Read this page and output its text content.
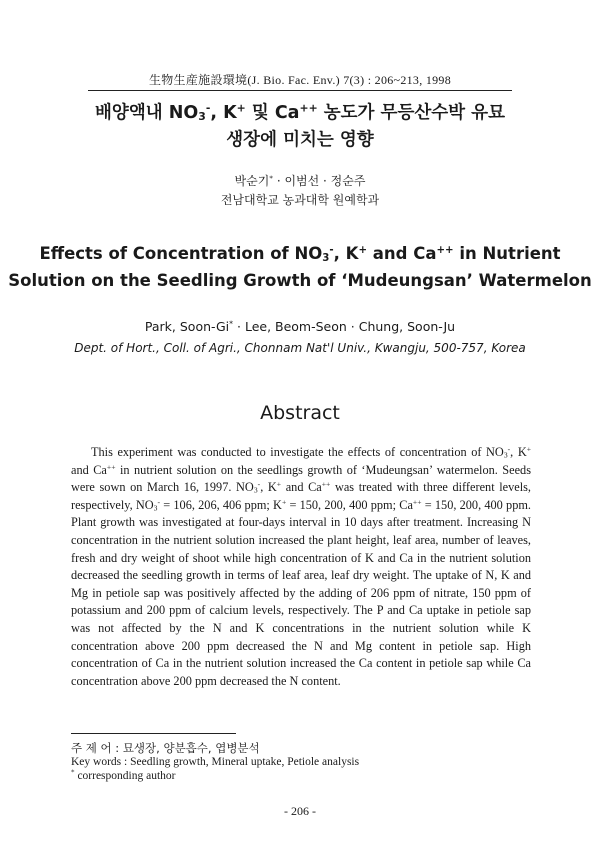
生物生産施設環境(J. Bio. Fac. Env.) 7(3) : 206~213, 1998
배양액내 $NO_3^-$, K+ 및 Ca++ 농도가 무등산수박 유묘
생장에 미치는 영향
박순기* · 이범선 · 정순주
전남대학교 농과대학 원예학과
Effects of Concentration of $NO_3^-$, K+ and Ca++ in Nutrient
Solution on the Seedling Growth of ‘Mudeungsan’ Watermelon
Park, Soon-Gi* · Lee, Beom-Seon · Chung, Soon-Ju
Dept. of Hort., Coll. of Agri., Chonnam Nat'l Univ., Kwangju, 500-757, Korea
Abstract

This experiment was conducted to investigate the effects of concentration of $NO_3^-$, K+ and Ca++ in nutrient solution on the seedlings growth of ‘Mudeungsan’ watermelon. Seeds were sown on March 16, 1997. $NO_3^-$, K+ and Ca++ was treated with three different levels, respectively, $NO_3^- = 106$, 206, 406 ppm; K+ = 150, 200, 400 ppm; Ca++ = 150, 200, 400 ppm. Plant growth was investigated at four-days interval in 10 days after treatment. Increasing N concentration in the nutrient solution increased the plant height, leaf area, number of leaves, fresh and dry weight of shoot while high concentration of K and Ca in the nutrient solution decreased the seedling growth in terms of leaf area, leaf dry weight. The uptake of N, K and Mg in petiole sap was positively affected by the adding of 206 ppm of nitrate, 150 ppm of potassium and 200 ppm of calcium levels, respectively. The P and Ca uptake in petiole sap was not affected by the N and K concentrations in the nutrient solution while K concentration above 200 ppm decreased the N and Mg content in petiole sap. High concentration of Ca in the nutrient solution increased the Ca content in petiole sap while Ca concentration above 200 ppm decreased the N content.

주 제 어 : 묘생장, 양분흡수, 엽병분석
Key words : Seedling growth, Mineral uptake, Petiole analysis
* corresponding author
- 206 -
